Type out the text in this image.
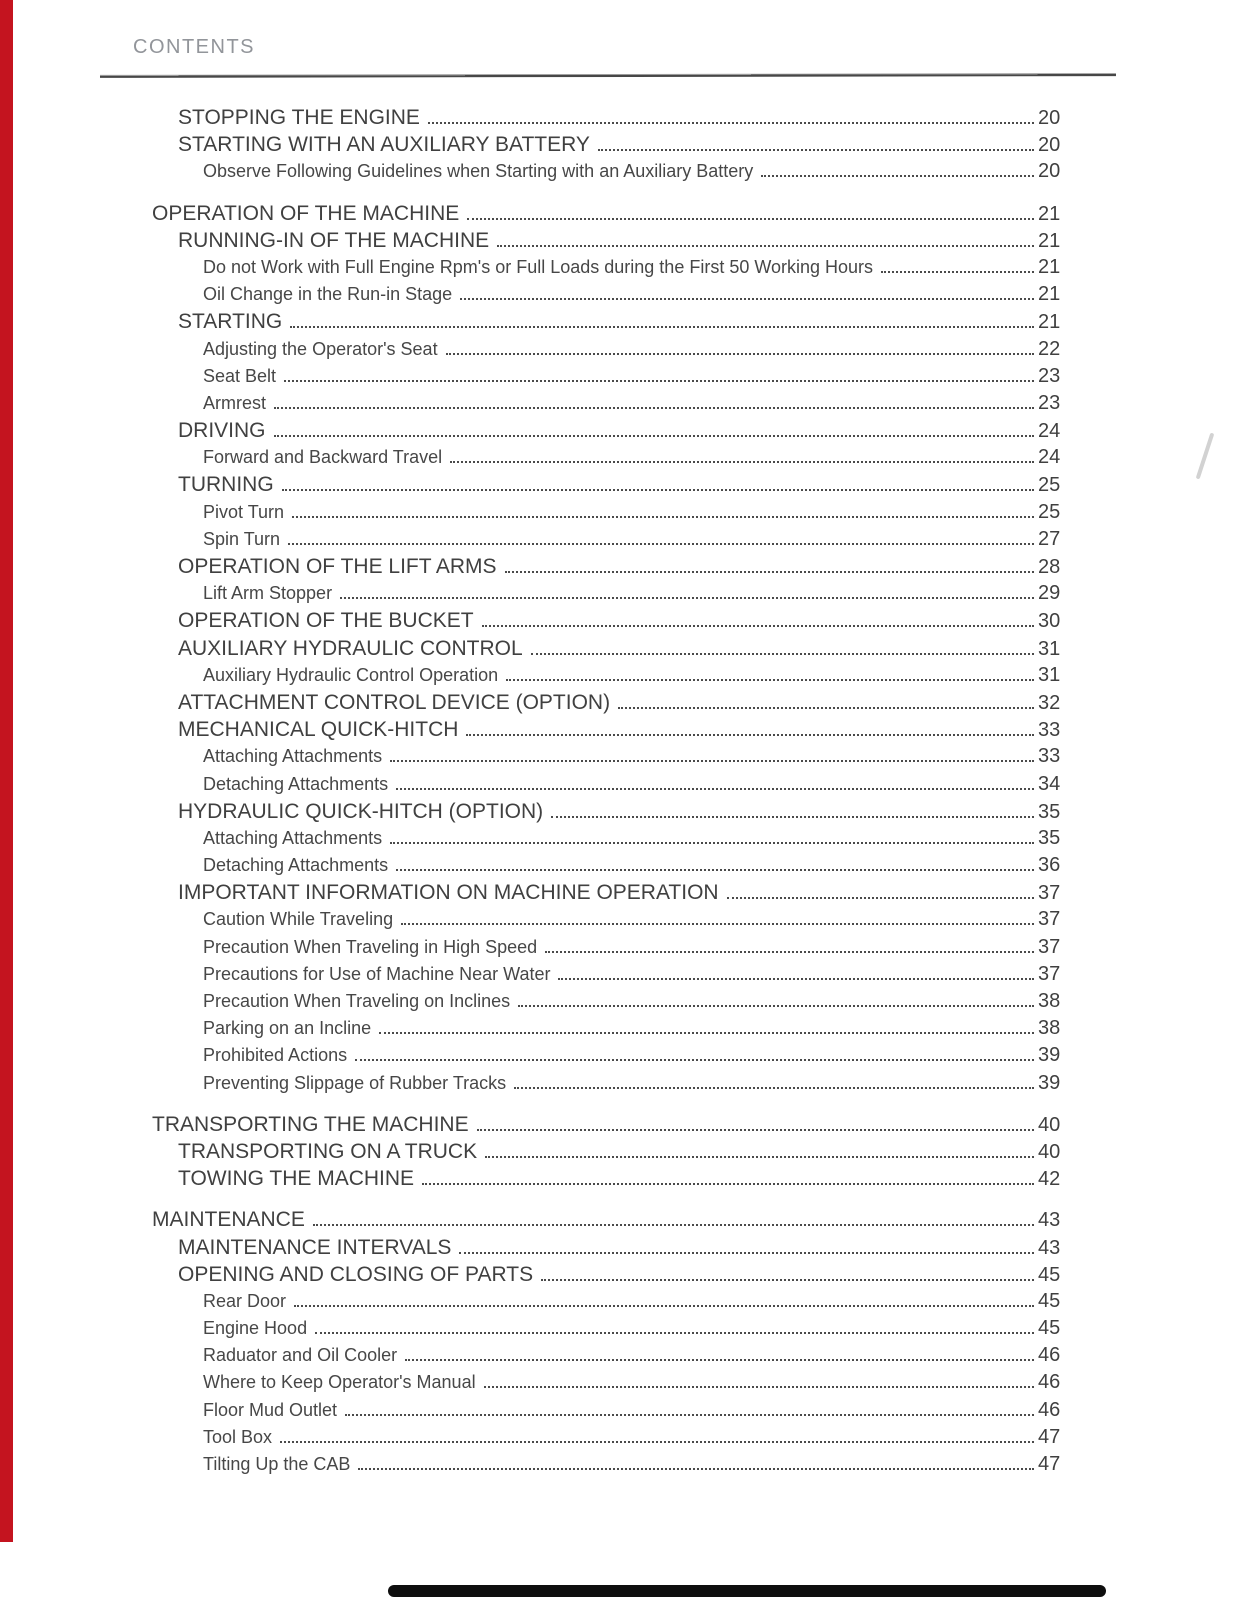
CONTENTS
STOPPING THE ENGINE	20
STARTING WITH AN AUXILIARY BATTERY	20
Observe Following Guidelines when Starting with an Auxiliary Battery	20
OPERATION OF THE MACHINE	21
RUNNING-IN OF THE MACHINE	21
Do not Work with Full Engine Rpm's or Full Loads during the First 50 Working Hours	21
Oil Change in the Run-in Stage	21
STARTING	21
Adjusting the Operator's Seat	22
Seat Belt	23
Armrest	23
DRIVING	24
Forward and Backward Travel	24
TURNING	25
Pivot Turn	25
Spin Turn	27
OPERATION OF THE LIFT ARMS	28
Lift Arm Stopper	29
OPERATION OF THE BUCKET	30
AUXILIARY HYDRAULIC CONTROL	31
Auxiliary Hydraulic Control Operation	31
ATTACHMENT CONTROL DEVICE (OPTION)	32
MECHANICAL QUICK-HITCH	33
Attaching Attachments	33
Detaching Attachments	34
HYDRAULIC QUICK-HITCH (OPTION)	35
Attaching Attachments	35
Detaching Attachments	36
IMPORTANT INFORMATION ON MACHINE OPERATION	37
Caution While Traveling	37
Precaution When Traveling in High Speed	37
Precautions for Use of Machine Near Water	37
Precaution When Traveling on Inclines	38
Parking on an Incline	38
Prohibited Actions	39
Preventing Slippage of Rubber Tracks	39
TRANSPORTING THE MACHINE	40
TRANSPORTING ON A TRUCK	40
TOWING THE MACHINE	42
MAINTENANCE	43
MAINTENANCE INTERVALS	43
OPENING AND CLOSING OF PARTS	45
Rear Door	45
Engine Hood	45
Raduator and Oil Cooler	46
Where to Keep Operator's Manual	46
Floor Mud Outlet	46
Tool Box	47
Tilting Up the CAB	47
